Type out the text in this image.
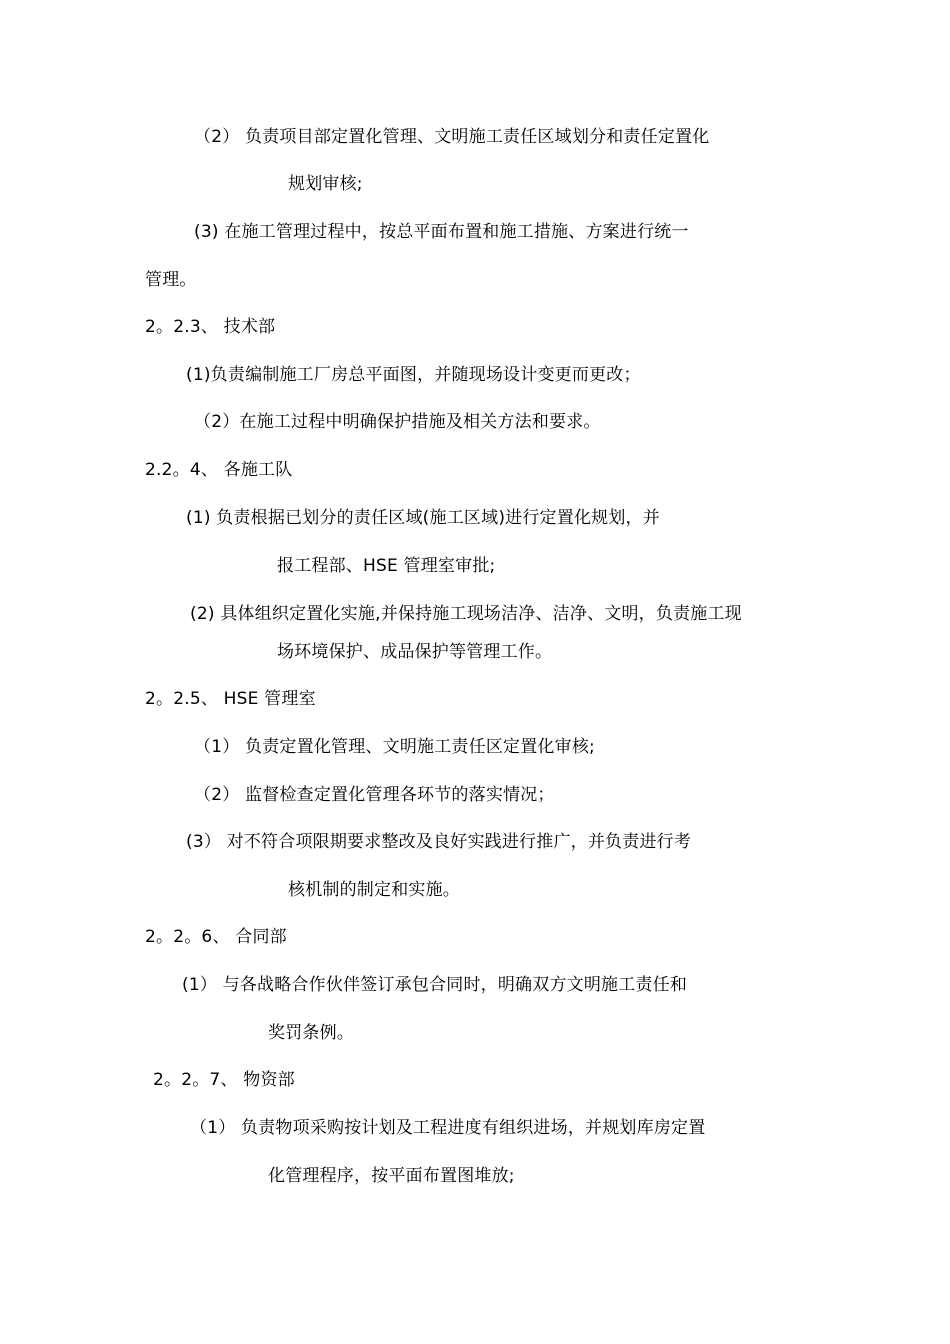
（2） 负责项目部定置化管理、文明施工责任区域划分和责任定置化
规划审核;
(3) 在施工管理过程中，按总平面布置和施工措施、方案进行统一
管理。
2。2.3、 技术部
(1)负责编制施工厂房总平面图，并随现场设计变更而更改；
（2）在施工过程中明确保护措施及相关方法和要求。
2.2。4、 各施工队
(1) 负责根据已划分的责任区域(施工区域)进行定置化规划，并
报工程部、HSE 管理室审批;
(2) 具体组织定置化实施,并保持施工现场洁净、洁净、文明，负责施工现
场环境保护、成品保护等管理工作。
2。2.5、 HSE 管理室
（1） 负责定置化管理、文明施工责任区定置化审核;
（2） 监督检查定置化管理各环节的落实情况；
(3） 对不符合项限期要求整改及良好实践进行推广，并负责进行考
核机制的制定和实施。
2。2。6、 合同部
(1） 与各战略合作伙伴签订承包合同时，明确双方文明施工责任和
奖罚条例。
2。2。7、 物资部
（1） 负责物项采购按计划及工程进度有组织进场，并规划库房定置
化管理程序，按平面布置图堆放;
